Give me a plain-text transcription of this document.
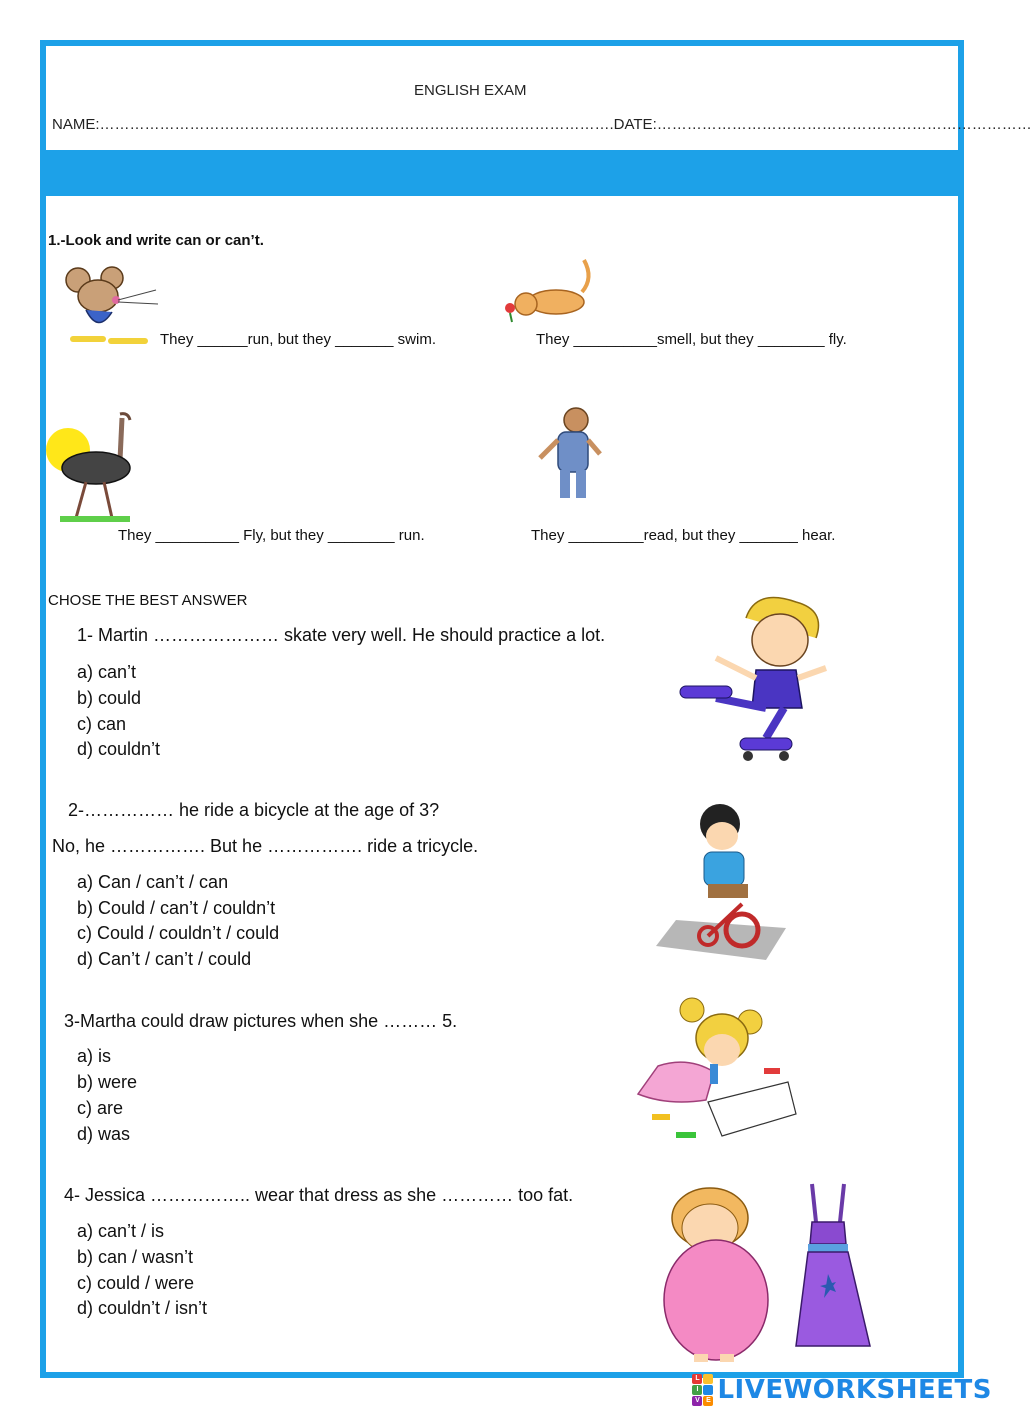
ENGLISH EXAM
NAME:………………………………………………………………………………………….DATE:…………………………………………………………………
1.-Look and write can or can’t.
They ______run, but they _______ swim.	They __________smell, but they ________ fly.
They __________ Fly, but they ________ run.	They _________read, but they _______ hear.
CHOSE THE BEST ANSWER
1- Martin ………………… skate very well. He should practice a lot.
a) can’t
b) could
c) can
d) couldn’t
2-…………… he ride a bicycle at the age of 3?
No, he ……………. But he ……………. ride a tricycle.
a) Can / can’t / can
b) Could / can’t / couldn’t
c) Could / couldn’t / could
d) Can’t / can’t / could
3-Martha could draw pictures when she ……… 5.
a) is
b) were
c) are
d) was
4- Jessica …………….. wear that dress as she ………… too fat.
a) can’t / is
b) can / wasn’t
c) could / were
d) couldn’t / isn’t
L
I
V E LIVEWORKSHEETS
